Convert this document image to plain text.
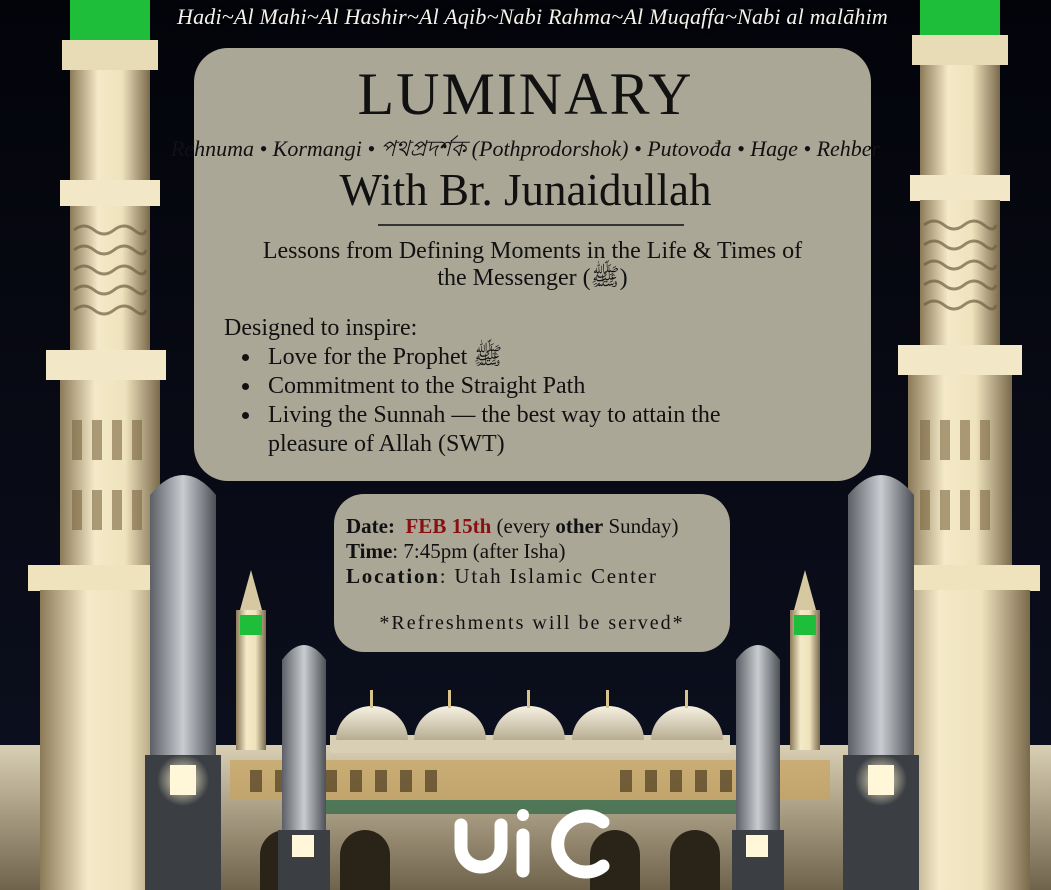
Hadi~Al Mahi~Al Hashir~Al Aqib~Nabi Rahma~Al Muqaffa~Nabi al malāhim
LUMINARY
Rehnuma • Kormangi • পথপ্রদর্শক (Pothprodorshok) • Putovođa • Hage • Rehber
With Br. Junaidullah
Lessons from Defining Moments in the Life & Times of
the Messenger (ﷺ)
Designed to inspire:
Love for the Prophet ﷺ
Commitment to the Straight Path
Living the Sunnah — the best way to attain the pleasure of Allah (SWT)
Date: FEB 15th (every other Sunday)
Time: 7:45pm (after Isha)
Location: Utah Islamic Center
*Refreshments will be served*
